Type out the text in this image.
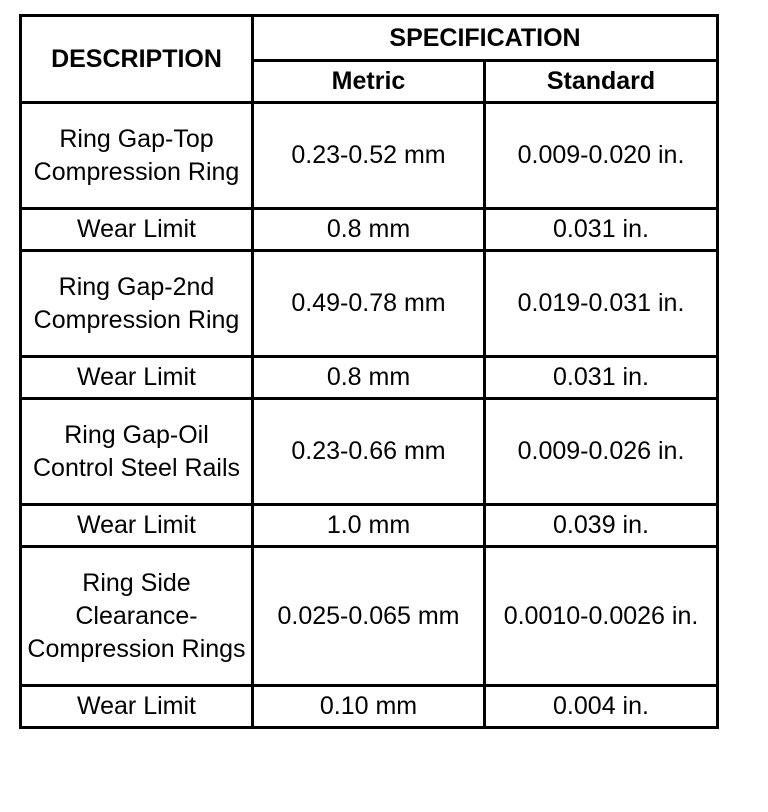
DESCRIPTION	SPECIFICATION	
	Metric	Standard
Ring Gap-Top Compression Ring	0.23-0.52 mm	0.009-0.020 in.
Wear Limit	0.8 mm	0.031 in.
Ring Gap-2nd Compression Ring	0.49-0.78 mm	0.019-0.031 in.
Wear Limit	0.8 mm	0.031 in.
Ring Gap-Oil Control Steel Rails	0.23-0.66 mm	0.009-0.026 in.
Wear Limit	1.0 mm	0.039 in.
Ring Side Clearance-Compression Rings	0.025-0.065 mm	0.0010-0.0026 in.
Wear Limit	0.10 mm	0.004 in.
